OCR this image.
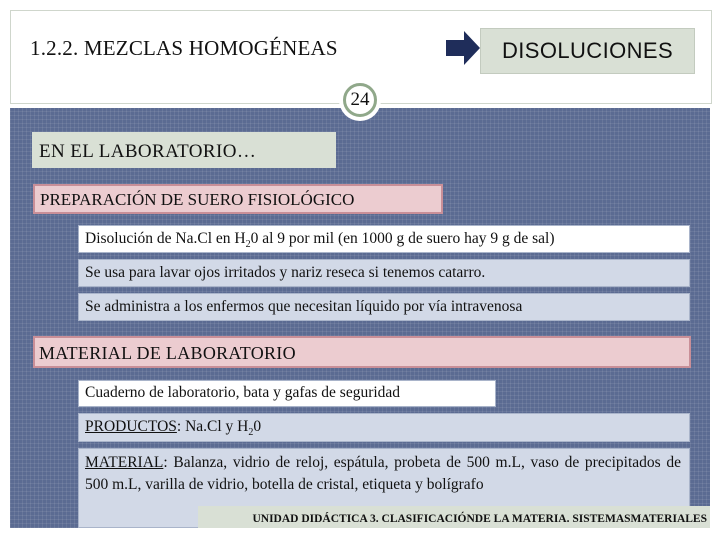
1.2.2. MEZCLAS HOMOGÉNEAS	DISOLUCIONES
24
EN EL LABORATORIO…
PREPARACIÓN DE SUERO FISIOLÓGICO
Disolución de Na.Cl en $H_20$ al 9 por mil (en 1000 g de suero hay 9 g de sal)
Se usa para lavar ojos irritados y nariz reseca si tenemos catarro.
Se administra a los enfermos que necesitan líquido por vía intravenosa
MATERIAL DE LABORATORIO
Cuaderno de laboratorio, bata y gafas de seguridad
PRODUCTOS: Na.Cl y $H_20$
MATERIAL: Balanza, vidrio de reloj, espátula, probeta de 500 m.L, vaso de precipitados de 500 m.L, varilla de vidrio, botella de cristal, etiqueta y bolígrafo
UNIDAD DIDÁCTICA 3. CLASIFICACIÓNDE LA MATERIA. SISTEMASMATERIALES
